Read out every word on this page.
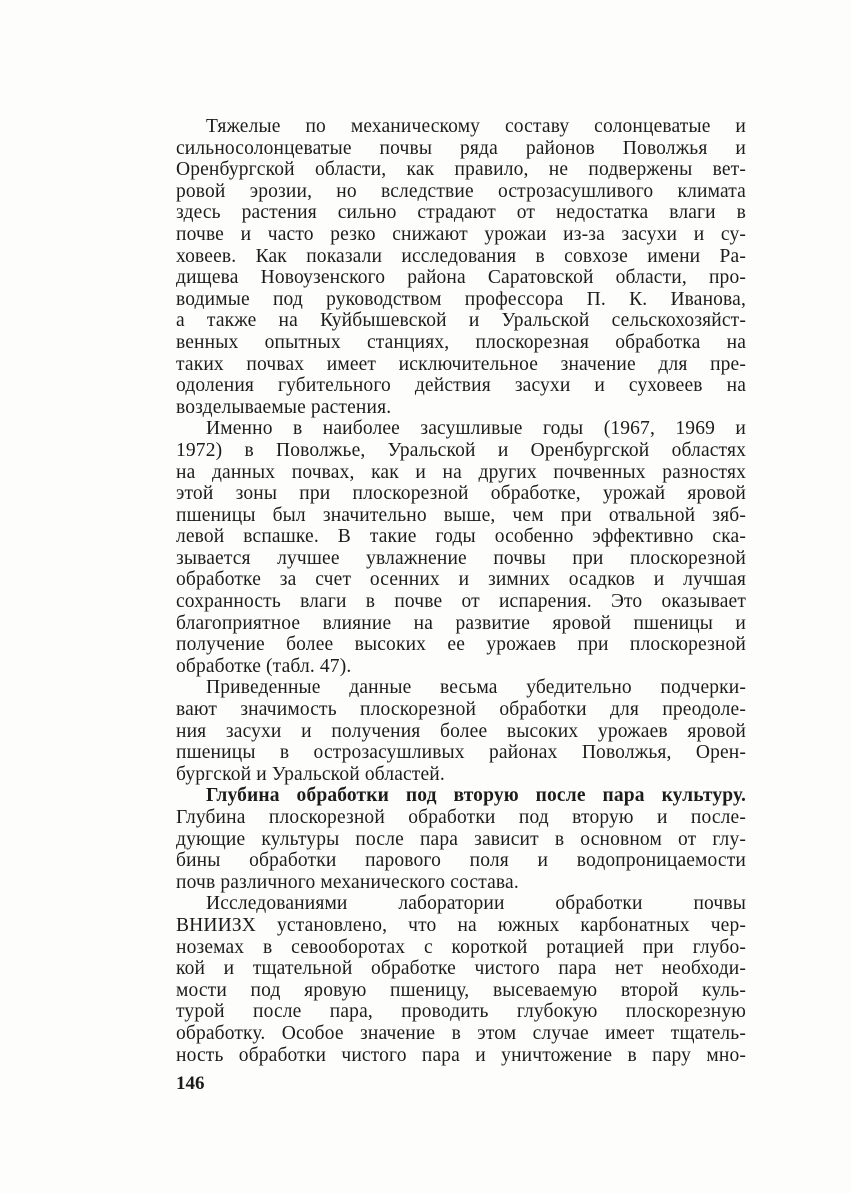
Тяжелые по механическому составу солонцеватые и
сильносолонцеватые почвы ряда районов Поволжья и
Оренбургской области, как правило, не подвержены вет-
ровой эрозии, но вследствие острозасушливого климата
здесь растения сильно страдают от недостатка влаги в
почве и часто резко снижают урожаи из-за засухи и су-
ховеев. Как показали исследования в совхозе имени Ра-
дищева Новоузенского района Саратовской области, про-
водимые под руководством профессора П. К. Иванова,
а также на Куйбышевской и Уральской сельскохозяйст-
венных опытных станциях, плоскорезная обработка на
таких почвах имеет исключительное значение для пре-
одоления губительного действия засухи и суховеев на
возделываемые растения.
Именно в наиболее засушливые годы (1967, 1969 и
1972) в Поволжье, Уральской и Оренбургской областях
на данных почвах, как и на других почвенных разностях
этой зоны при плоскорезной обработке, урожай яровой
пшеницы был значительно выше, чем при отвальной зяб-
левой вспашке. В такие годы особенно эффективно ска-
зывается лучшее увлажнение почвы при плоскорезной
обработке за счет осенних и зимних осадков и лучшая
сохранность влаги в почве от испарения. Это оказывает
благоприятное влияние на развитие яровой пшеницы и
получение более высоких ее урожаев при плоскорезной
обработке (табл. 47).
Приведенные данные весьма убедительно подчерки-
вают значимость плоскорезной обработки для преодоле-
ния засухи и получения более высоких урожаев яровой
пшеницы в острозасушливых районах Поволжья, Орен-
бургской и Уральской областей.
Глубина обработки под вторую после пара культуру.
Глубина плоскорезной обработки под вторую и после-
дующие культуры после пара зависит в основном от глу-
бины обработки парового поля и водопроницаемости
почв различного механического состава.
Исследованиями лаборатории обработки почвы
ВНИИЗХ установлено, что на южных карбонатных чер-
ноземах в севооборотах с короткой ротацией при глубо-
кой и тщательной обработке чистого пара нет необходи-
мости под яровую пшеницу, высеваемую второй куль-
турой после пара, проводить глубокую плоскорезную
обработку. Особое значение в этом случае имеет тщатель-
ность обработки чистого пара и уничтожение в пару мно-
146
